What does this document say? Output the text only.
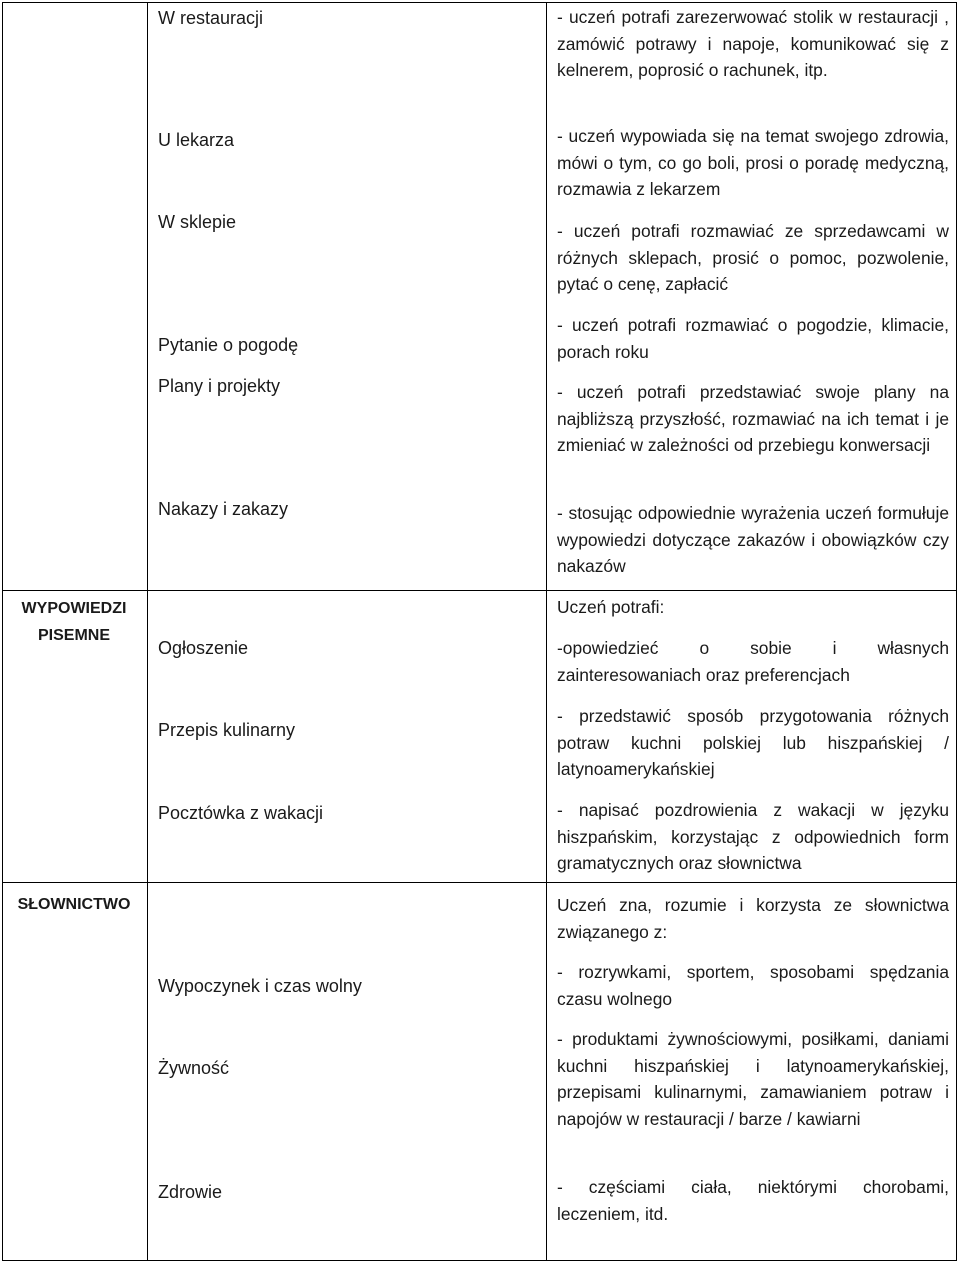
WYPOWIEDZI
PISEMNE
SŁOWNICTWO
W restauracji
U lekarza
W sklepie
Pytanie o pogodę
Plany i projekty
Nakazy i zakazy
Ogłoszenie
Przepis kulinarny
Pocztówka z wakacji
Wypoczynek i czas wolny
Żywność
Zdrowie
- uczeń potrafi zarezerwować stolik w restauracji , zamówić potrawy i napoje, komunikować się z kelnerem, poprosić o rachunek, itp.
- uczeń wypowiada się na temat swojego zdrowia, mówi o tym, co go boli, prosi o poradę medyczną, rozmawia z lekarzem
- uczeń potrafi rozmawiać ze sprzedawcami w różnych sklepach, prosić o pomoc, pozwolenie, pytać o cenę, zapłacić
- uczeń potrafi rozmawiać o pogodzie, klimacie, porach roku
- uczeń potrafi przedstawiać swoje plany na najbliższą przyszłość, rozmawiać na ich temat i je zmieniać w zależności od przebiegu konwersacji
- stosując odpowiednie wyrażenia uczeń formułuje wypowiedzi dotyczące zakazów i obowiązków czy nakazów
Uczeń potrafi:
-opowiedzieć o sobie i własnych zainteresowaniach oraz preferencjach
- przedstawić sposób przygotowania różnych potraw kuchni polskiej lub hiszpańskiej / latynoamerykańskiej
- napisać pozdrowienia z wakacji w języku hiszpańskim, korzystając z odpowiednich form gramatycznych oraz słownictwa
Uczeń zna, rozumie i korzysta ze słownictwa związanego z:
- rozrywkami, sportem, sposobami spędzania czasu wolnego
- produktami żywnościowymi, posiłkami, daniami kuchni hiszpańskiej i latynoamerykańskiej, przepisami kulinarnymi, zamawianiem potraw i napojów w restauracji / barze / kawiarni
- częściami ciała, niektórymi chorobami, leczeniem, itd.
